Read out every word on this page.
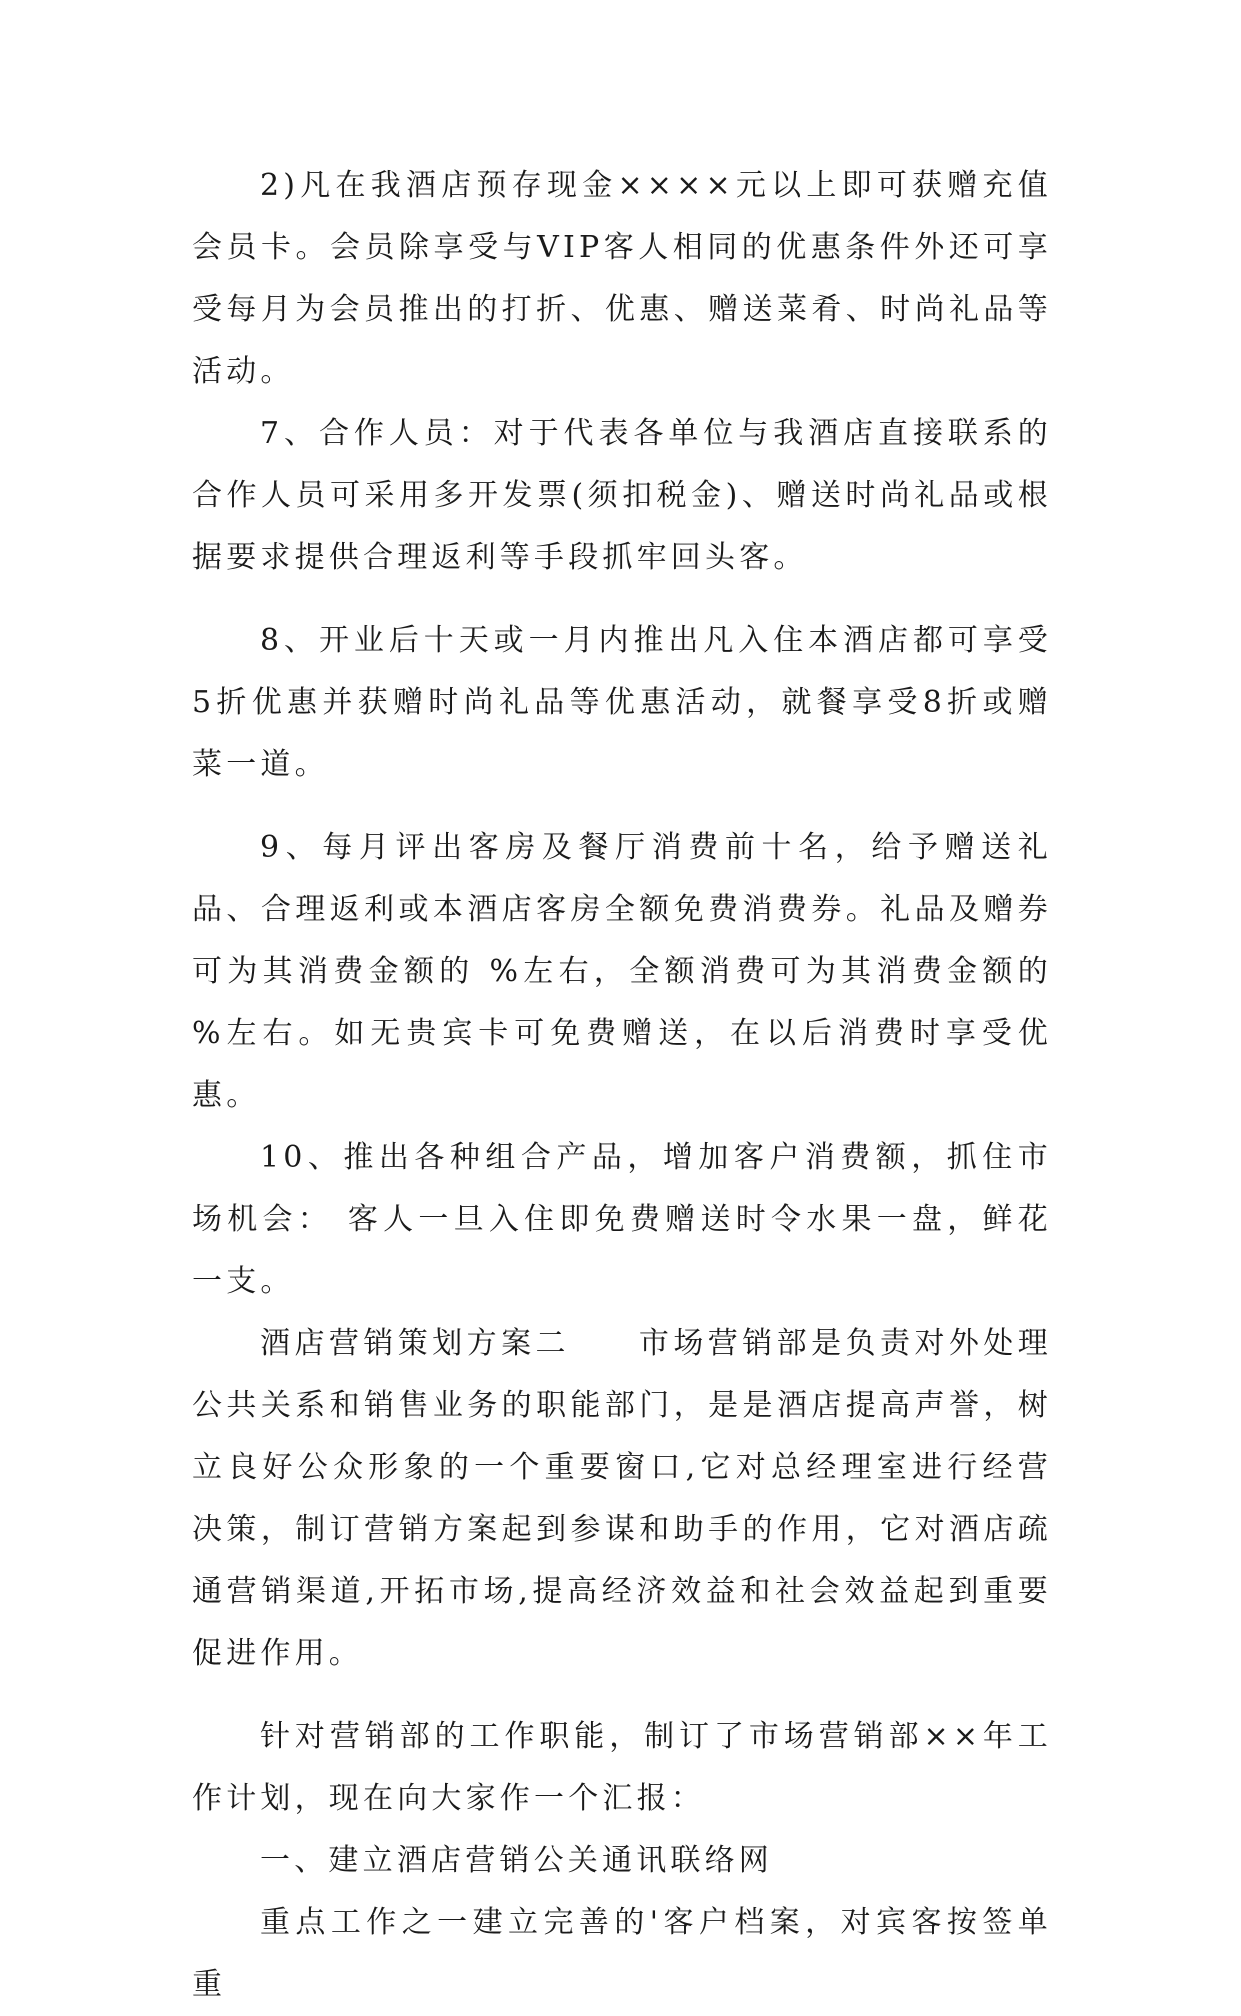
2)凡在我酒店预存现金××××元以上即可获赠充值会员卡。会员除享受与VIP客人相同的优惠条件外还可享受每月为会员推出的打折、优惠、赠送菜肴、时尚礼品等活动。

7、合作人员：对于代表各单位与我酒店直接联系的合作人员可采用多开发票(须扣税金)、赠送时尚礼品或根据要求提供合理返利等手段抓牢回头客。

8、开业后十天或一月内推出凡入住本酒店都可享受5折优惠并获赠时尚礼品等优惠活动，就餐享受8折或赠菜一道。

9、每月评出客房及餐厅消费前十名，给予赠送礼品、合理返利或本酒店客房全额免费消费券。礼品及赠券可为其消费金额的 %左右，全额消费可为其消费金额的 %左右。如无贵宾卡可免费赠送，在以后消费时享受优惠。

10、推出各种组合产品，增加客户消费额，抓住市场机会： 客人一旦入住即免费赠送时令水果一盘，鲜花一支。

酒店营销策划方案二　　市场营销部是负责对外处理公共关系和销售业务的职能部门，是是酒店提高声誉，树立良好公众形象的一个重要窗口,它对总经理室进行经营决策，制订营销方案起到参谋和助手的作用，它对酒店疏通营销渠道,开拓市场,提高经济效益和社会效益起到重要促进作用。

针对营销部的工作职能，制订了市场营销部××年工作计划，现在向大家作一个汇报：

一、建立酒店营销公关通讯联络网

重点工作之一建立完善的'客户档案，对宾客按签单重
